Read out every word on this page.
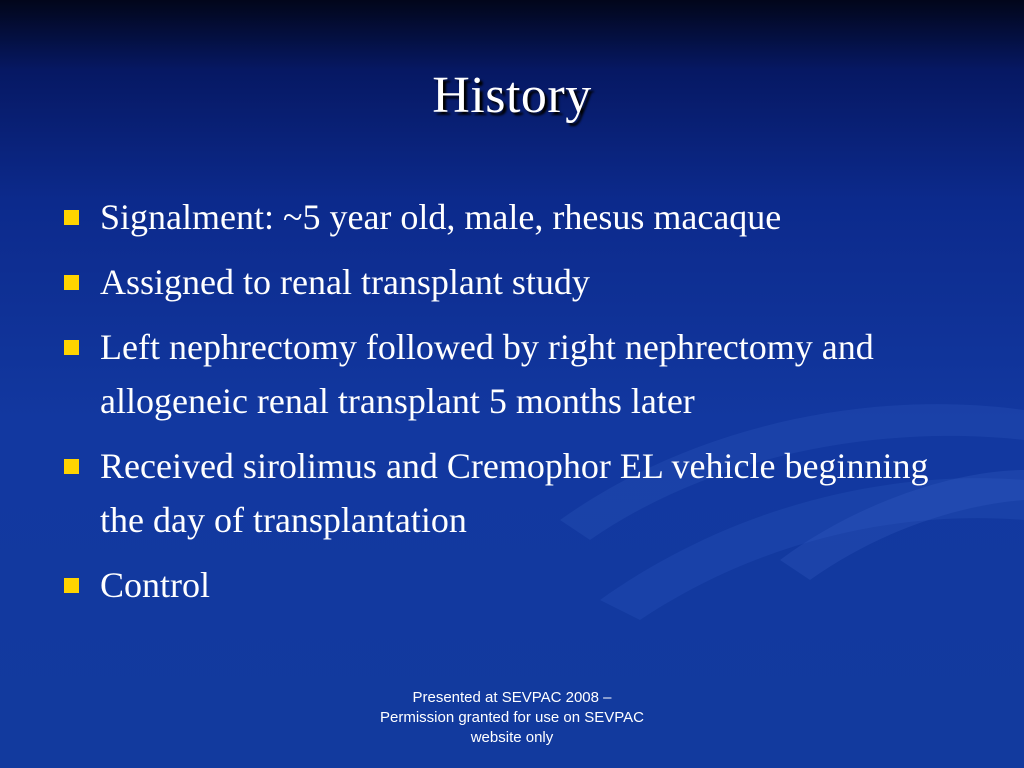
History
Signalment: ~5 year old, male, rhesus macaque
Assigned to renal transplant study
Left nephrectomy followed by right nephrectomy and allogeneic renal transplant 5 months later
Received sirolimus and Cremophor EL vehicle beginning the day of transplantation
Control
Presented at SEVPAC 2008 –
Permission granted for use on SEVPAC
website only
